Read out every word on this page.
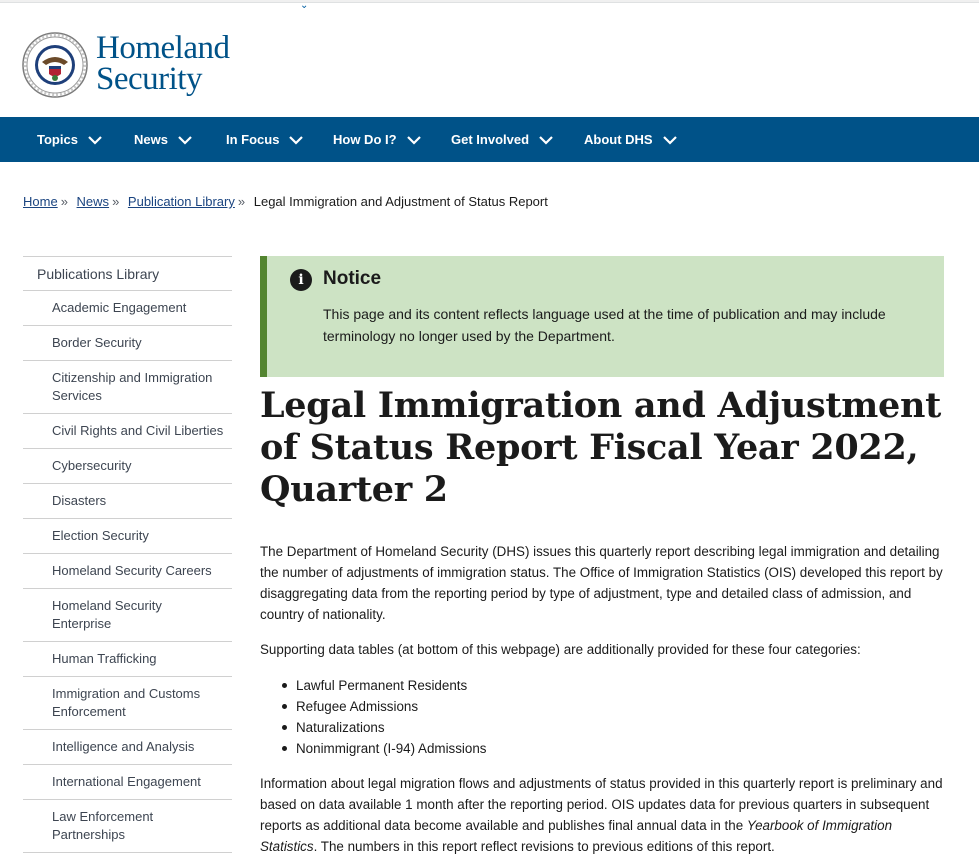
⌄
Homeland
Security
Topics	News	In Focus	How Do I?	Get Involved	About DHS
Home » News » Publication Library » Legal Immigration and Adjustment of Status Report
Publications Library
Academic Engagement
Border Security
Citizenship and Immigration Services
Civil Rights and Civil Liberties
Cybersecurity
Disasters
Election Security
Homeland Security Careers
Homeland Security Enterprise
Human Trafficking
Immigration and Customs Enforcement
Intelligence and Analysis
International Engagement
Law Enforcement Partnerships
i	Notice
This page and its content reflects language used at the time of publication and may include terminology no longer used by the Department.
Legal Immigration and Adjustment of Status Report Fiscal Year 2022, Quarter 2

The Department of Homeland Security (DHS) issues this quarterly report describing legal immigration and detailing the number of adjustments of immigration status. The Office of Immigration Statistics (OIS) developed this report by disaggregating data from the reporting period by type of adjustment, type and detailed class of admission, and country of nationality.

Supporting data tables (at bottom of this webpage) are additionally provided for these four categories:

Lawful Permanent Residents
Refugee Admissions
Naturalizations
Nonimmigrant (I-94) Admissions

Information about legal migration flows and adjustments of status provided in this quarterly report is preliminary and based on data available 1 month after the reporting period. OIS updates data for previous quarters in subsequent reports as additional data become available and publishes final annual data in the Yearbook of Immigration Statistics. The numbers in this report reflect revisions to previous editions of this report.
